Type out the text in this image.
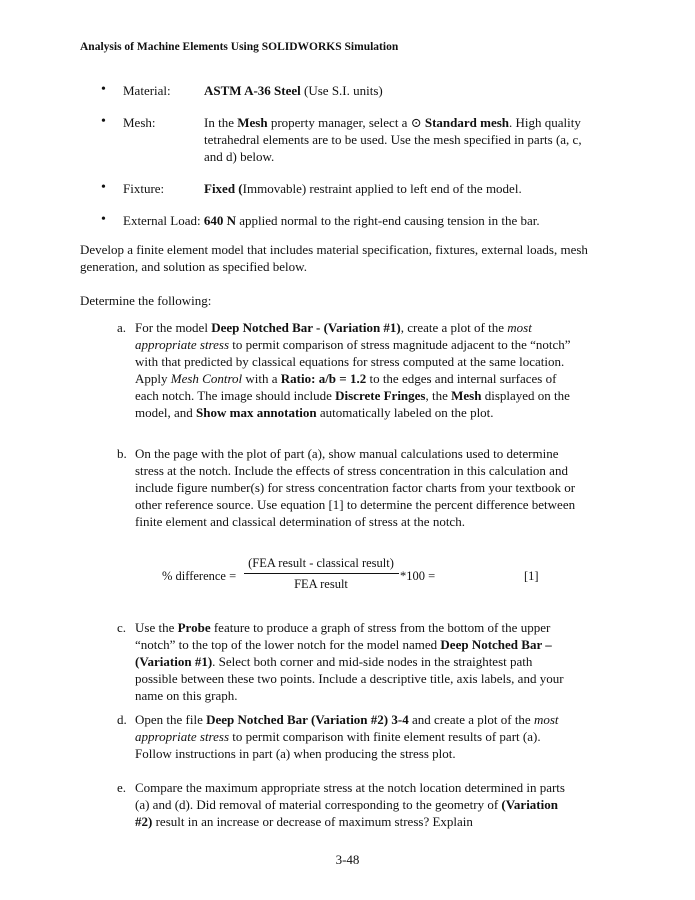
Analysis of Machine Elements Using SOLIDWORKS Simulation
• Material:	ASTM A-36 Steel (Use S.I. units)
• Mesh:	In the Mesh property manager, select a ⊙ Standard mesh. High quality tetrahedral elements are to be used. Use the mesh specified in parts (a, c, and d) below.
• Fixture:	Fixed (Immovable) restraint applied to left end of the model.
• External Load: 640 N applied normal to the right-end causing tension in the bar.

Develop a finite element model that includes material specification, fixtures, external loads, mesh generation, and solution as specified below.

Determine the following:

a. For the model Deep Notched Bar - (Variation #1), create a plot of the most appropriate stress to permit comparison of stress magnitude adjacent to the “notch” with that predicted by classical equations for stress computed at the same location. Apply Mesh Control with a Ratio: a/b = 1.2 to the edges and internal surfaces of each notch. The image should include Discrete Fringes, the Mesh displayed on the model, and Show max annotation automatically labeled on the plot.
b. On the page with the plot of part (a), show manual calculations used to determine stress at the notch. Include the effects of stress concentration in this calculation and include figure number(s) for stress concentration factor charts from your textbook or other reference source. Use equation [1] to determine the percent difference between finite element and classical determination of stress at the notch.
c. Use the Probe feature to produce a graph of stress from the bottom of the upper “notch” to the top of the lower notch for the model named Deep Notched Bar – (Variation #1). Select both corner and mid-side nodes in the straightest path possible between these two points. Include a descriptive title, axis labels, and your name on this graph.
d. Open the file Deep Notched Bar (Variation #2) 3-4 and create a plot of the most appropriate stress to permit comparison with finite element results of part (a). Follow instructions in part (a) when producing the stress plot.
e. Compare the maximum appropriate stress at the notch location determined in parts (a) and (d). Did removal of material corresponding to the geometry of (Variation #2) result in an increase or decrease of maximum stress? Explain
% difference =
(FEA result - classical result)
FEA result
*100 =	[1]
3-48
